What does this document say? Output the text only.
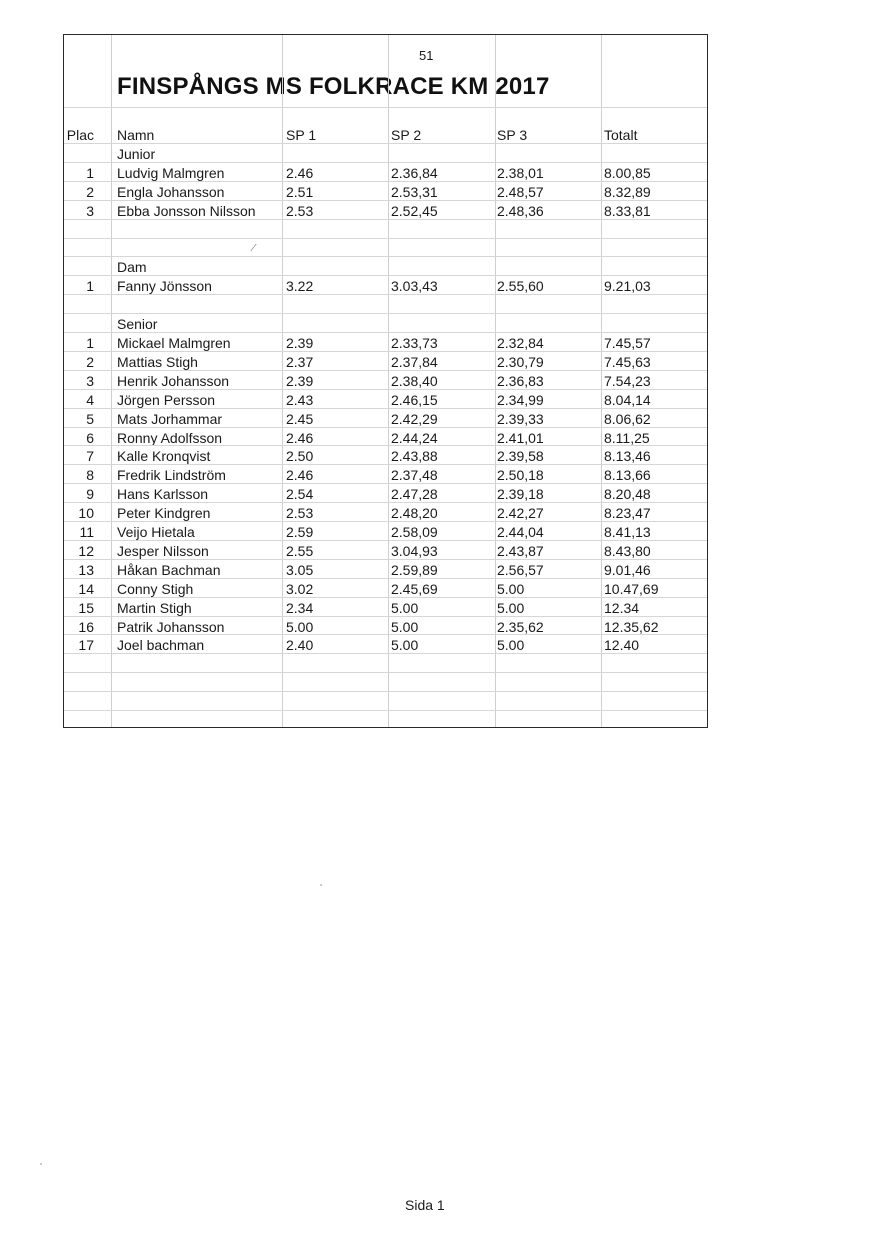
51
FINSPÅNGS MS FOLKRACE KM 2017
Plac Namn	SP 1	SP 2	SP 3	Totalt
⁄
Junior
1 Ludvig Malmgren	2.46	2.36,84	2.38,01	8.00,85
2 Engla Johansson	2.51	2.53,31	2.48,57	8.32,89
3 Ebba Jonsson Nilsson 2.53	2.52,45	2.48,36	8.33,81
Dam
1 Fanny Jönsson	3.22	3.03,43	2.55,60	9.21,03
Senior
1 Mickael Malmgren	2.39	2.33,73	2.32,84	7.45,57
2 Mattias Stigh	2.37	2.37,84	2.30,79	7.45,63
3 Henrik Johansson	2.39	2.38,40	2.36,83	7.54,23
4 Jörgen Persson	2.43	2.46,15	2.34,99	8.04,14
5 Mats Jorhammar	2.45	2.42,29	2.39,33	8.06,62
6 Ronny Adolfsson	2.46	2.44,24	2.41,01	8.11,25
7 Kalle Kronqvist	2.50	2.43,88	2.39,58	8.13,46
8 Fredrik Lindström	2.46	2.37,48	2.50,18	8.13,66
9 Hans Karlsson	2.54	2.47,28	2.39,18	8.20,48
10 Peter Kindgren	2.53	2.48,20	2.42,27	8.23,47
11 Veijo Hietala	2.59	2.58,09	2.44,04	8.41,13
12 Jesper Nilsson	2.55	3.04,93	2.43,87	8.43,80
13 Håkan Bachman	3.05	2.59,89	2.56,57	9.01,46
14 Conny Stigh	3.02	2.45,69	5.00	10.47,69
15 Martin Stigh	2.34	5.00	5.00	12.34
16 Patrik Johansson	5.00	5.00	2.35,62	12.35,62
17 Joel bachman	2.40	5.00	5.00	12.40
Sida 1
